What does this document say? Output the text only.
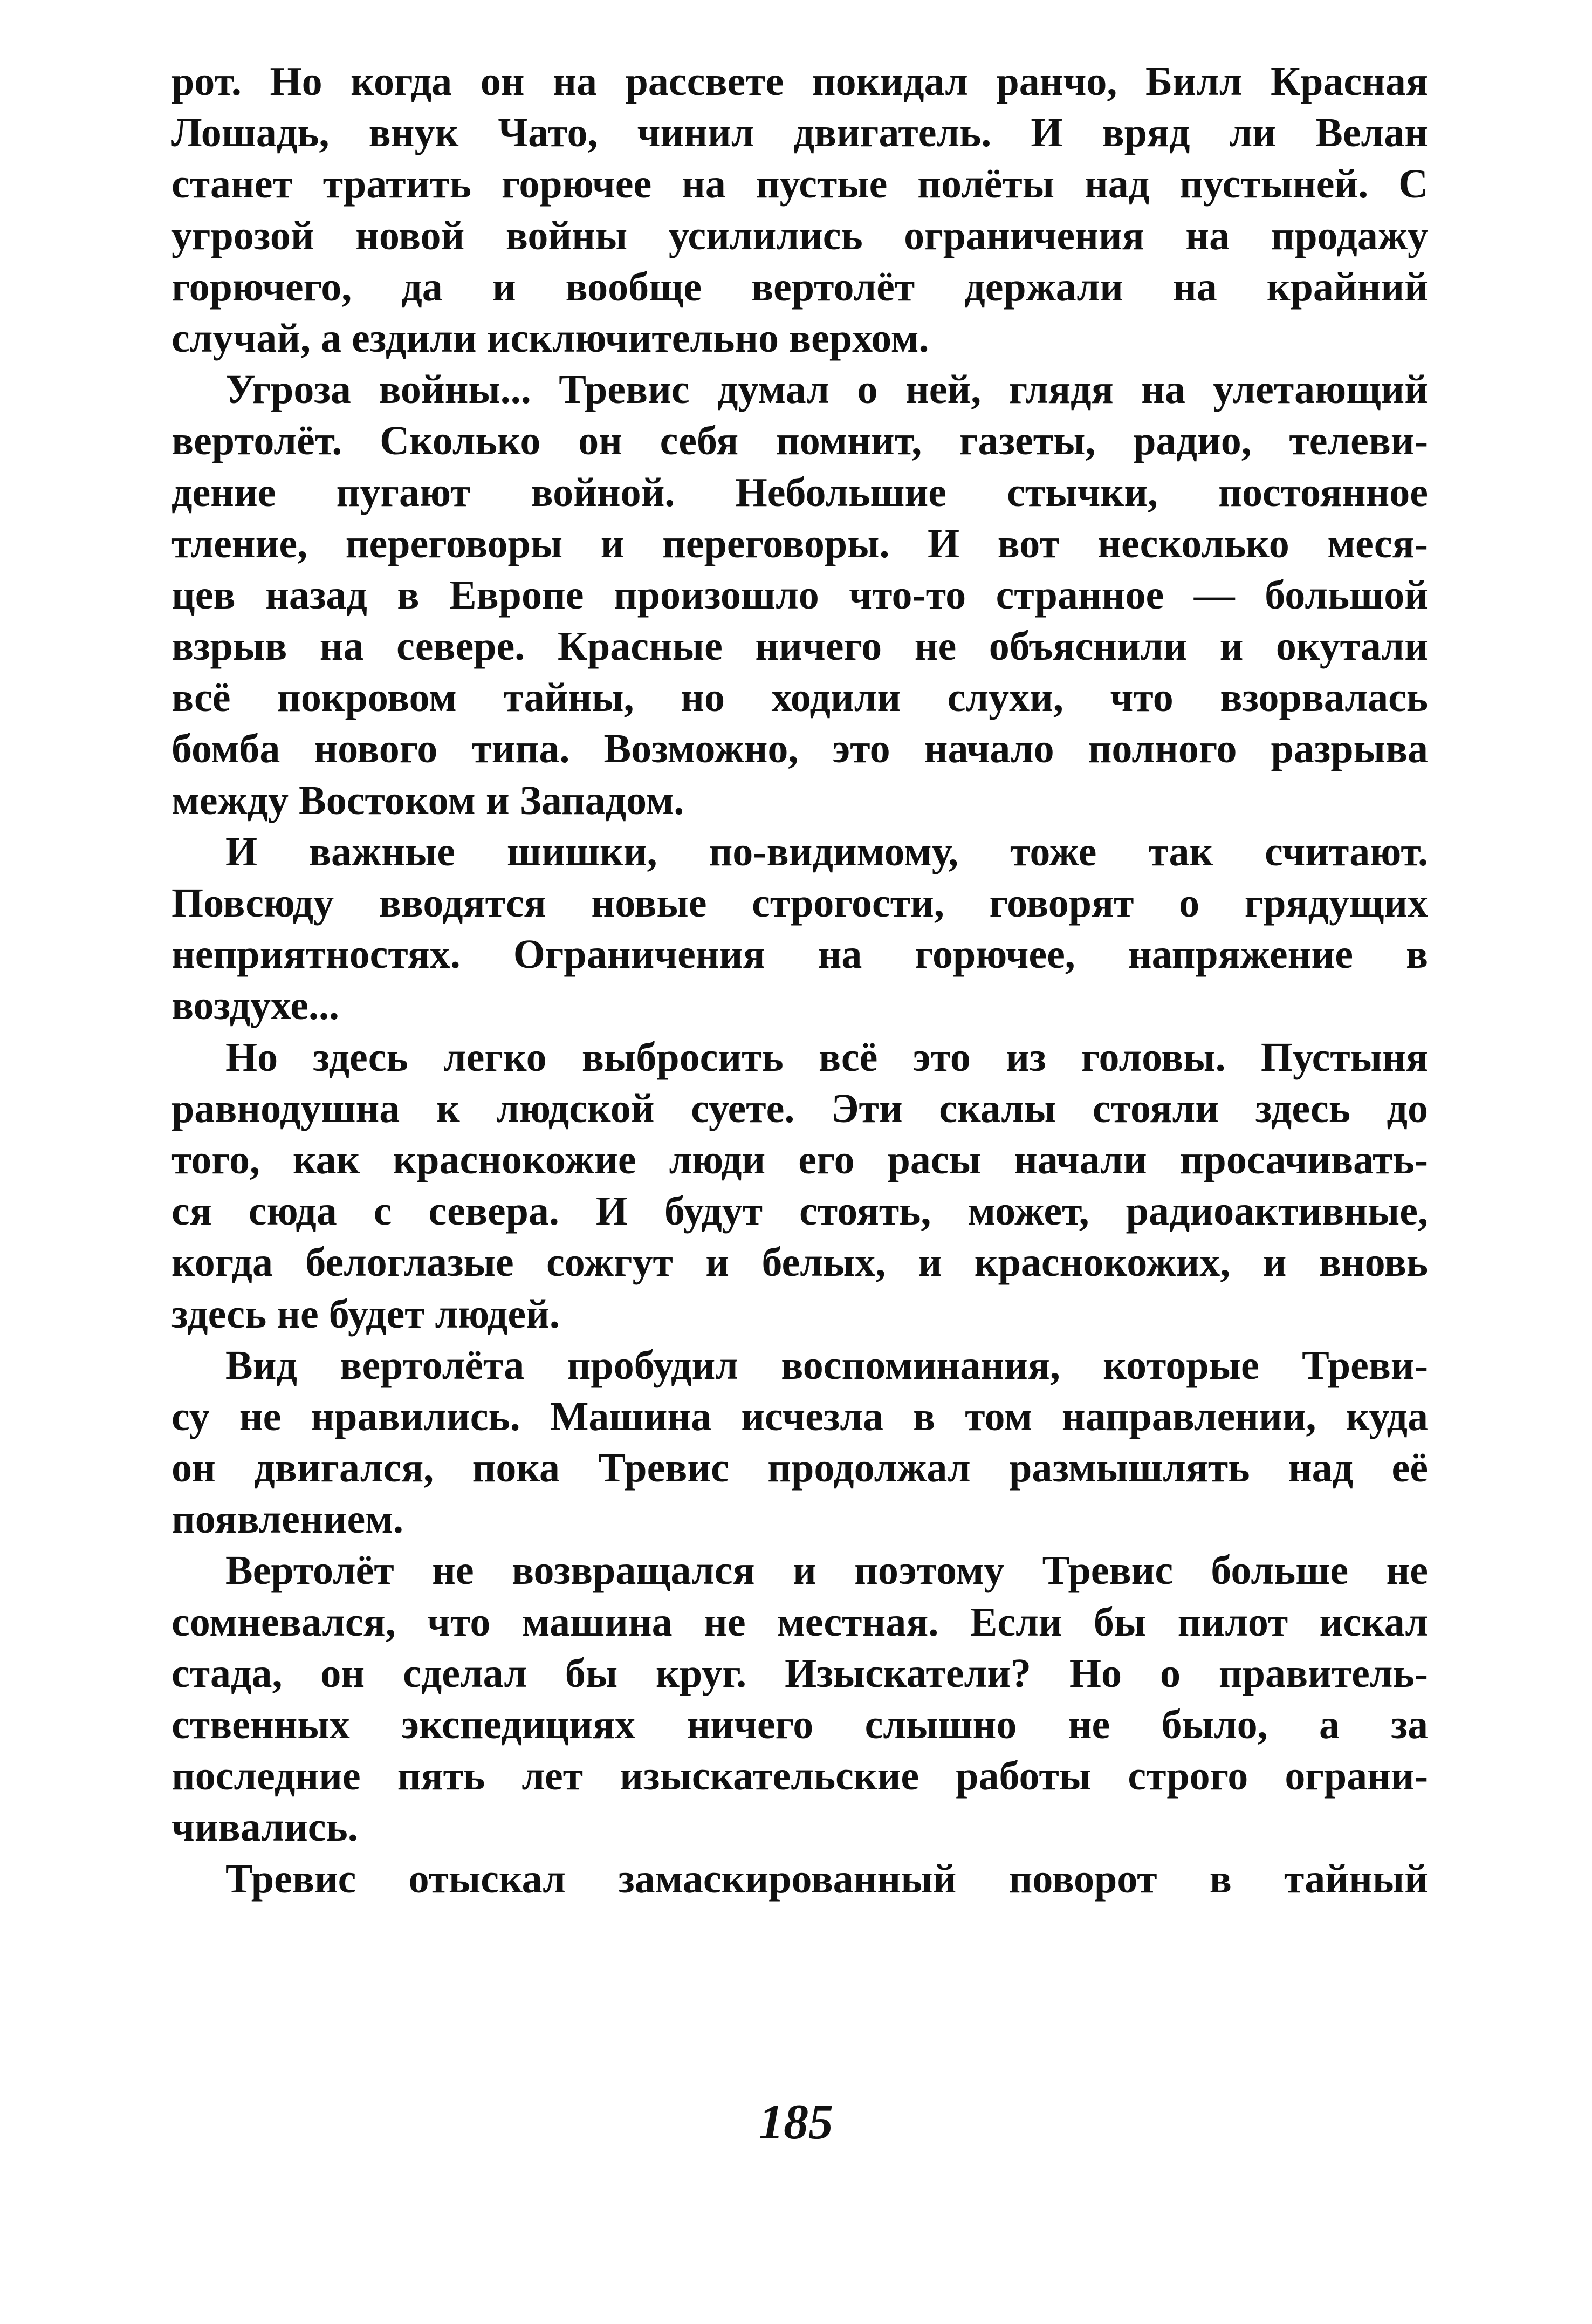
рот. Но когда он на рассвете покидал ранчо, Билл Красная
Лошадь, внук Чато, чинил двигатель. И вряд ли Велан
станет тратить горючее на пустые полёты над пустыней. С
угрозой новой войны усилились ограничения на продажу
горючего, да и вообще вертолёт держали на крайний
случай, а ездили исключительно верхом.
Угроза войны... Тревис думал о ней, глядя на улетающий
вертолёт. Сколько он себя помнит, газеты, радио, телеви-
дение пугают войной. Небольшие стычки, постоянное
тление, переговоры и переговоры. И вот несколько меся-
цев назад в Европе произошло что-то странное — большой
взрыв на севере. Красные ничего не объяснили и окутали
всё покровом тайны, но ходили слухи, что взорвалась
бомба нового типа. Возможно, это начало полного разрыва
между Востоком и Западом.
И важные шишки, по-видимому, тоже так считают.
Повсюду вводятся новые строгости, говорят о грядущих
неприятностях. Ограничения на горючее, напряжение в
воздухе...
Но здесь легко выбросить всё это из головы. Пустыня
равнодушна к людской суете. Эти скалы стояли здесь до
того, как краснокожие люди его расы начали просачивать-
ся сюда с севера. И будут стоять, может, радиоактивные,
когда белоглазые сожгут и белых, и краснокожих, и вновь
здесь не будет людей.
Вид вертолёта пробудил воспоминания, которые Треви-
су не нравились. Машина исчезла в том направлении, куда
он двигался, пока Тревис продолжал размышлять над её
появлением.
Вертолёт не возвращался и поэтому Тревис больше не
сомневался, что машина не местная. Если бы пилот искал
стада, он сделал бы круг. Изыскатели? Но о правитель-
ственных экспедициях ничего слышно не было, а за
последние пять лет изыскательские работы строго ограни-
чивались.
Тревис отыскал замаскированный поворот в тайный
185
